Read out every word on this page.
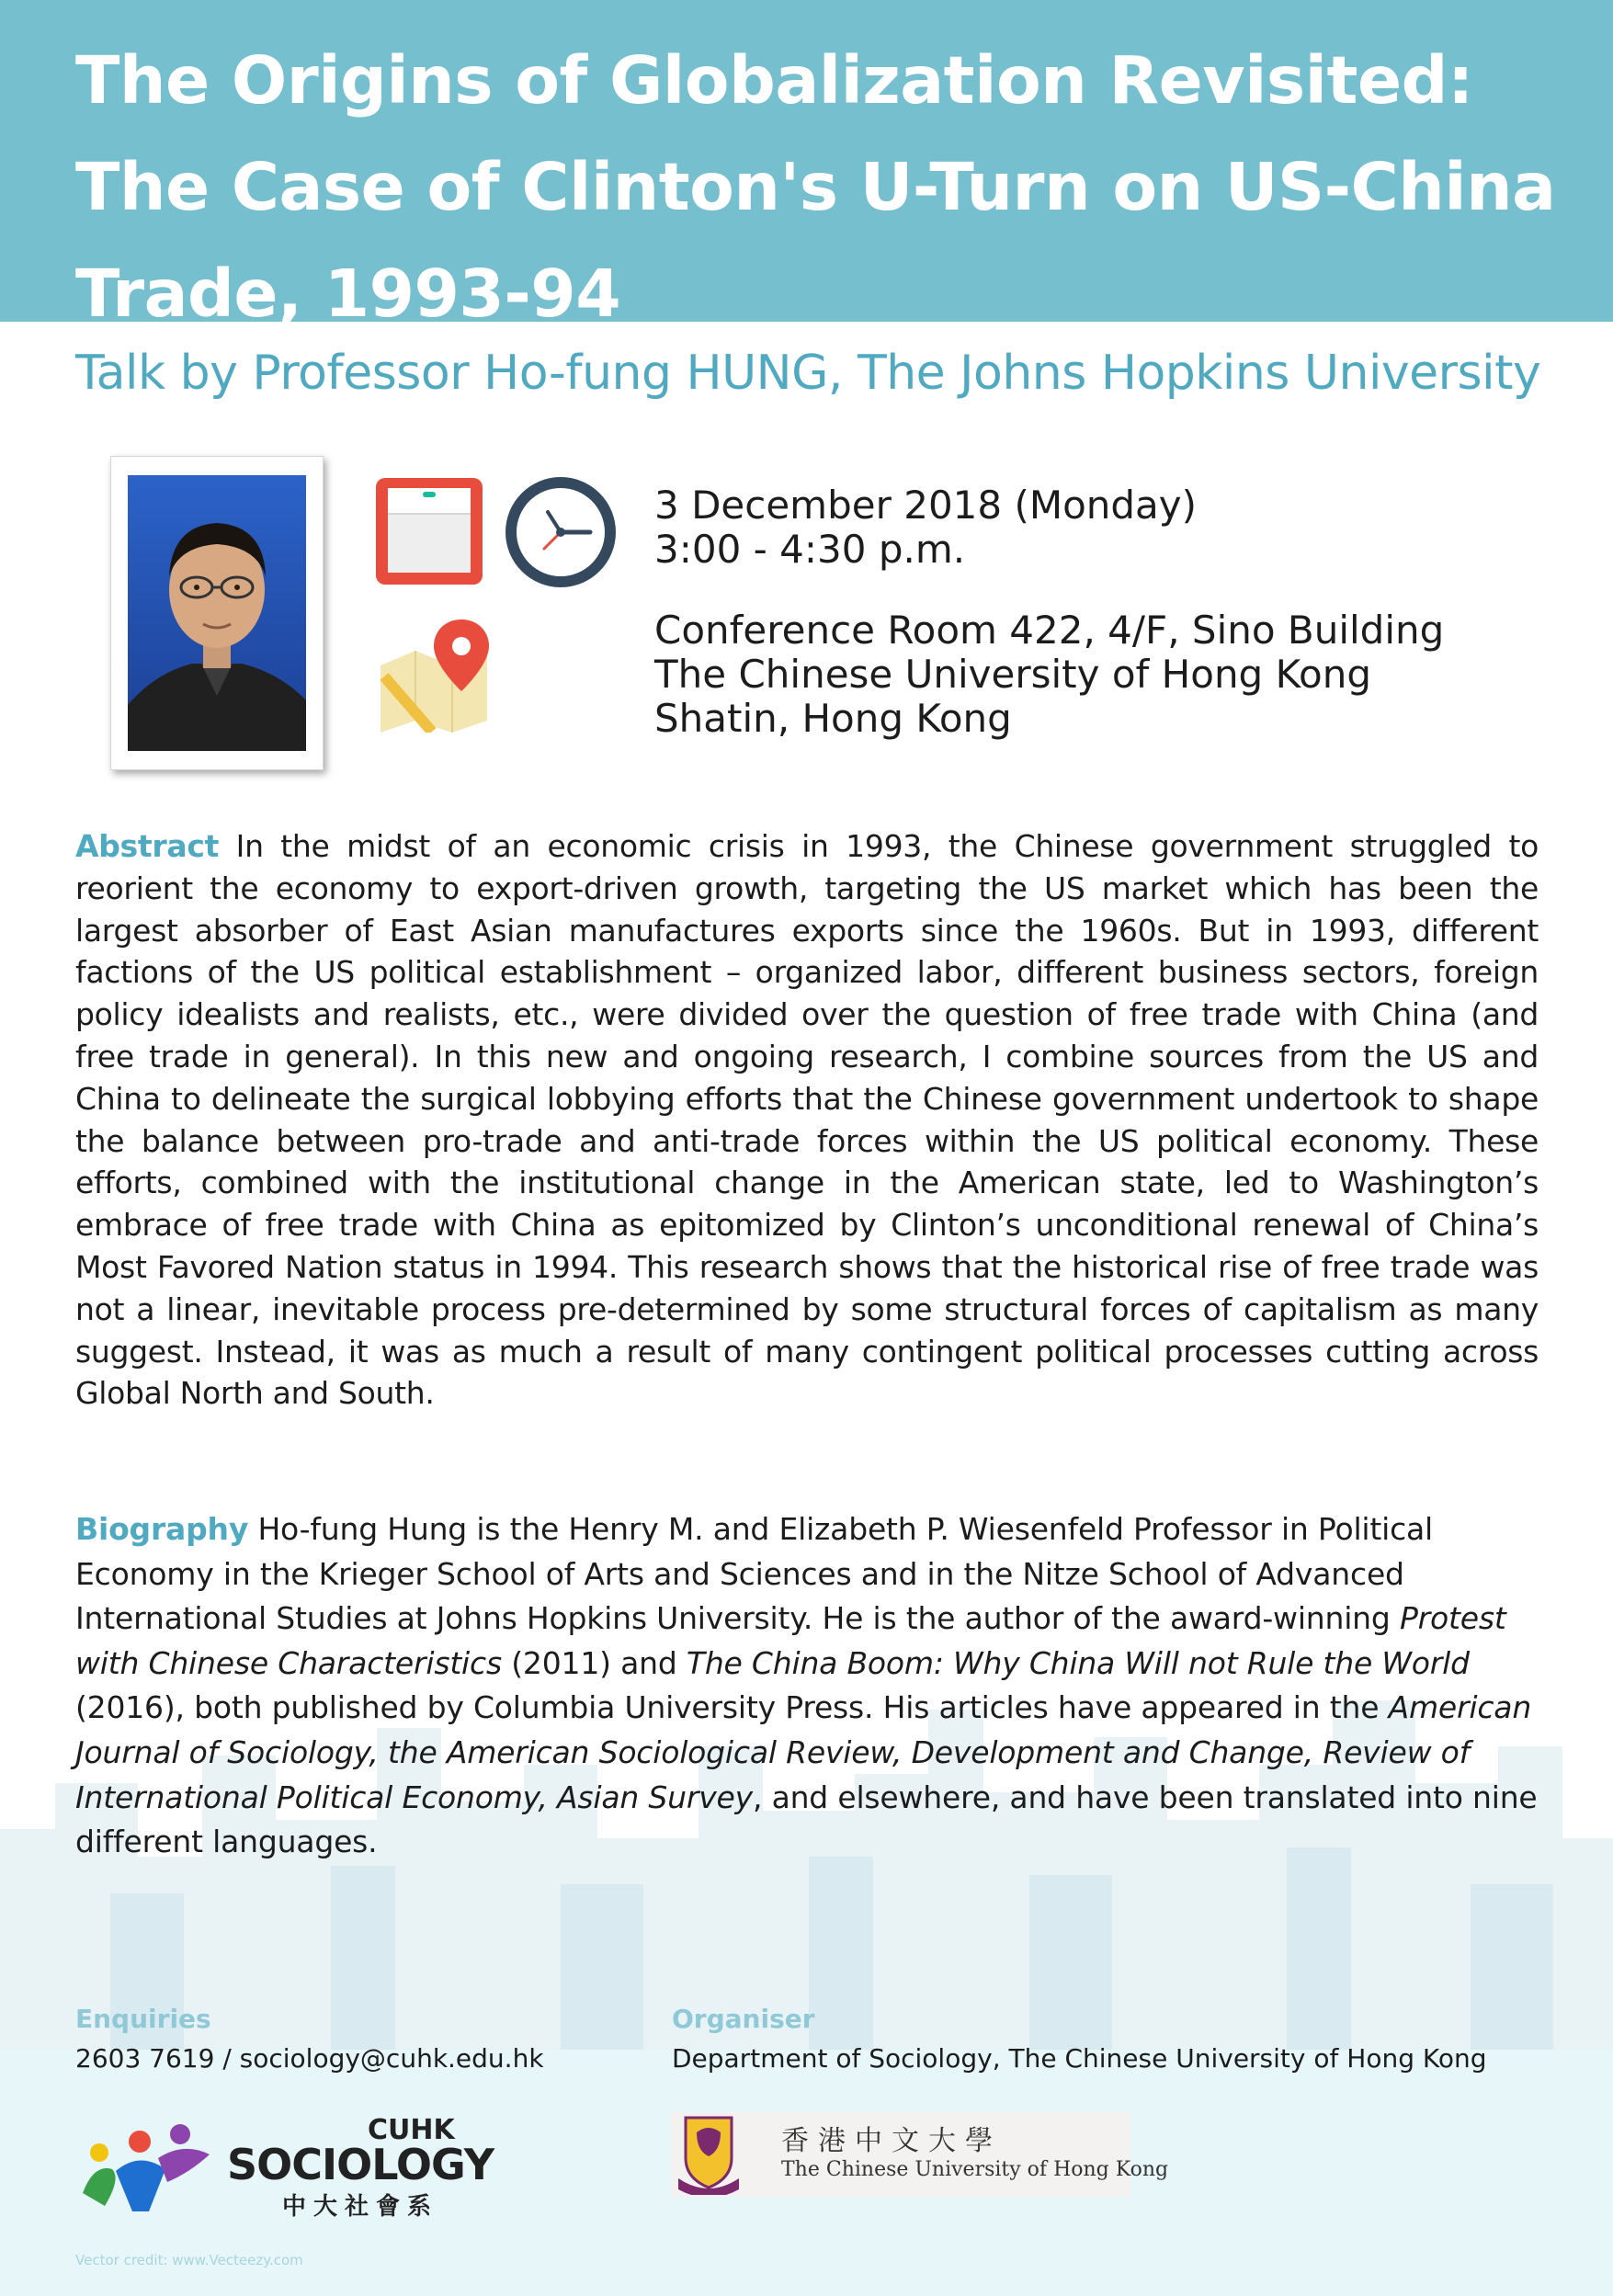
The Origins of Globalization Revisited:
The Case of Clinton's U-Turn on US-China
Trade, 1993-94
Talk by Professor Ho-fung HUNG, The Johns Hopkins University
3 December 2018 (Monday)
3:00 - 4:30 p.m.
Conference Room 422, 4/F, Sino Building
The Chinese University of Hong Kong
Shatin, Hong Kong
Abstract In the midst of an economic crisis in 1993, the Chinese government struggled to reorient the economy to export-driven growth, targeting the US market which has been the largest absorber of East Asian manufactures exports since the 1960s. But in 1993, different factions of the US political establishment – organized labor, different business sectors, foreign policy idealists and realists, etc., were divided over the question of free trade with China (and free trade in general). In this new and ongoing research, I combine sources from the US and China to delineate the surgical lobbying efforts that the Chinese government undertook to shape the balance between pro-trade and anti-trade forces within the US political economy. These efforts, combined with the institutional change in the American state, led to Washington’s embrace of free trade with China as epitomized by Clinton’s unconditional renewal of China’s Most Favored Nation status in 1994. This research shows that the historical rise of free trade was not a linear, inevitable process pre-determined by some structural forces of capitalism as many suggest. Instead, it was as much a result of many contingent political processes cutting across Global North and South.
Biography Ho-fung Hung is the Henry M. and Elizabeth P. Wiesenfeld Professor in Political Economy in the Krieger School of Arts and Sciences and in the Nitze School of Advanced International Studies at Johns Hopkins University. He is the author of the award-winning Protest with Chinese Characteristics (2011) and The China Boom: Why China Will not Rule the World (2016), both published by Columbia University Press. His articles have appeared in the American Journal of Sociology, the American Sociological Review, Development and Change, Review of International Political Economy, Asian Survey, and elsewhere, and have been translated into nine different languages.
Enquiries
2603 7619 / sociology@cuhk.edu.hk
Organiser
Department of Sociology, The Chinese University of Hong Kong
CUHK
SOCIOLOGY
中大社會系
香港中文大學
The Chinese University of Hong Kong
Vector credit: www.Vecteezy.com
